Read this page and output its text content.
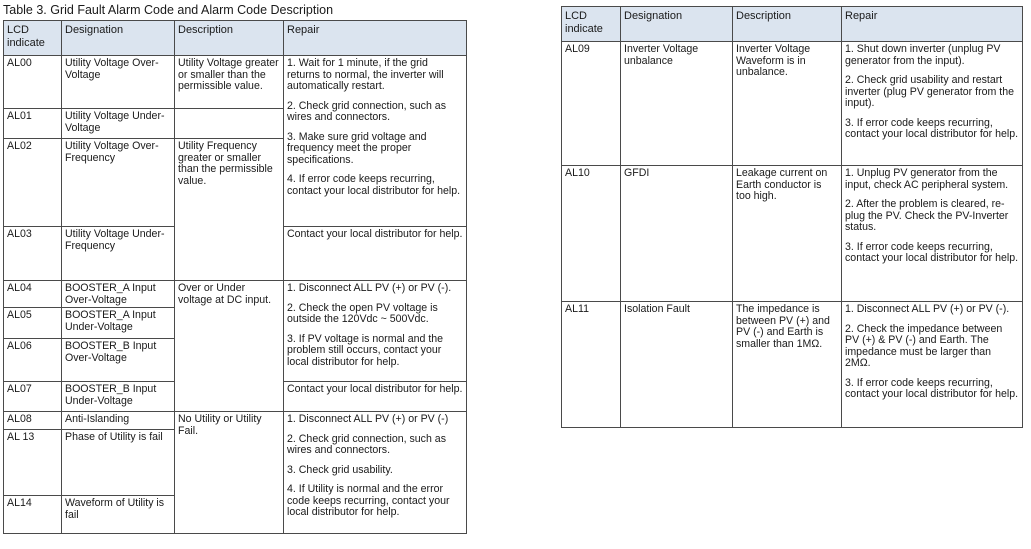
Table 3. Grid Fault Alarm Code and Alarm Code Description
LCD indicate	Designation	Description	Repair
AL00	Utility Voltage Over-Voltage	Utility Voltage greater or smaller than the permissible value.	1. Wait for 1 minute, if the grid returns to normal, the inverter will automatically restart.
2. Check grid connection, such as wires and connectors.
3. Make sure grid voltage and frequency meet the proper specifications.
4. If error code keeps recurring, contact your local distributor for help.

AL01	Utility Voltage Under-Voltage		
AL02	Utility Voltage Over-Frequency	Utility Frequency greater or smaller than the permissible value.	
AL03	Utility Voltage Under-Frequency		Contact your local distributor for help.
AL04	BOOSTER_A Input Over-Voltage	Over or Under voltage at DC input.	1. Disconnect ALL PV (+) or PV (-).
2. Check the open PV voltage is outside the 120Vdc ~ 500Vdc.
3. If PV voltage is normal and the problem still occurs, contact your local distributor for help.

AL05	BOOSTER_A Input Under-Voltage		
AL06	BOOSTER_B Input Over-Voltage		
AL07	BOOSTER_B Input Under-Voltage		Contact your local distributor for help.
AL08	Anti-Islanding	No Utility or Utility Fail.	1. Disconnect ALL PV (+) or PV (-)
2. Check grid connection, such as wires and connectors.
3. Check grid usability.
4. If Utility is normal and the error code keeps recurring, contact your local distributor for help.

AL 13	Phase of Utility is fail		
AL14	Waveform of Utility is fail		
LCD indicate	Designation	Description	Repair
AL09	Inverter Voltage unbalance	Inverter Voltage Waveform is in unbalance.	1. Shut down inverter (unplug PV generator from the input).
2. Check grid usability and restart inverter (plug PV generator from the input).
3. If error code keeps recurring, contact your local distributor for help.

AL10	GFDI	Leakage current on Earth conductor is too high.	1. Unplug PV generator from the input, check AC peripheral system.
2. After the problem is cleared, re-plug the PV. Check the PV-Inverter status.
3. If error code keeps recurring, contact your local distributor for help.

AL11	Isolation Fault	The impedance is between PV (+) and PV (-) and Earth is smaller than 1MΩ.	1. Disconnect ALL PV (+) or PV (-).
2. Check the impedance between PV (+) & PV (-) and Earth. The impedance must be larger than 2MΩ.
3. If error code keeps recurring, contact your local distributor for help.
